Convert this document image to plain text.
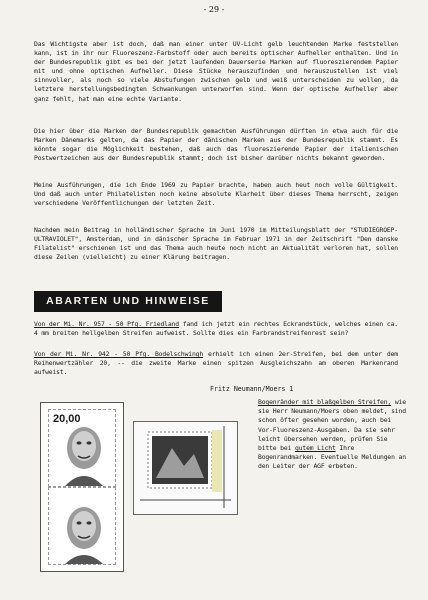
- 29 -

Das Wichtigste aber ist doch, daß man einer unter UV-Licht gelb leuchtenden Marke feststellen kann, ist in ihr nur Fluoreszenz-Farbstoff oder auch bereits optischer Aufheller enthalten. Und in der Bundesrepublik gibt es bei der jetzt laufenden Dauerserie Marken auf fluoreszierendem Papier mit und ohne optischen Aufheller. Diese Stücke herauszufinden und herauszustellen ist viel sinnvoller, als noch so viele Abstufungen zwischen gelb und weiß unterscheiden zu wollen, da letztere herstellungsbedingten Schwankungen unterworfen sind. Wenn der optische Aufheller aber ganz fehlt, hat man eine echte Variante.

Die hier über die Marken der Bundesrepublik gemachten Ausführungen dürften in etwa auch für die Marken Dänemarks gelten, da das Papier der dänischen Marken aus der Bundesrepublik stammt. Es könnte sogar die Möglichkeit bestehen, daß auch das fluoreszierende Papier der italienischen Postwertzeichen aus der Bundesrepublik stammt; doch ist bisher darüber nichts bekannt geworden.

Meine Ausführungen, die ich Ende 1969 zu Papier brachte, haben auch heut noch volle Gültigkeit. Und daß auch unter Philatelisten noch keine absolute Klarheit über dieses Thema herrscht, zeigen verschiedene Veröffentlichungen der letzten Zeit.

Nachdem mein Beitrag in holländischer Sprache im Juni 1970 im Mitteilungsblatt der "STUDIEGROEP-ULTRAVIOLET", Amsterdam, und in dänischer Sprache im Februar 1971 in der Zeitschrift "Den danske Filatelist" erschienen ist und das Thema auch heute noch nicht an Aktualität verloren hat, sollen diese Zeilen (vielleicht) zu einer Klärung beitragen.

ABARTEN UND HINWEISE

Von der Mi. Nr. 957 - 50 Pfg. Friedland fand ich jetzt ein rechtes Eckrandstück, welches einen ca. 4 mm breiten hellgelben Streifen aufweist. Sollte dies ein Farbrandstreifenrest sein?

Von der Mi. Nr. 942 - 50 Pfg. Bodelschwingh erhielt ich einen 2er-Streifen, bei dem unter dem Reihenwertzähler 20, -- die zweite Marke einen spitzen Ausgleichszahn am oberen Markenrand aufweist.

Fritz Neumann/Moers 1
20,00

Bogenränder mit blaßgelben Streifen, wie sie Herr Neumann/Moers oben meldet, sind schon öfter gesehen worden, auch bei Vor-Fluoreszenz-Ausgaben. Da sie sehr leicht übersehen werden, prüfen Sie bitte bei gutem Licht Ihre Bogenrandmarken. Eventuelle Meldungen an den Leiter der AGF erbeten.
